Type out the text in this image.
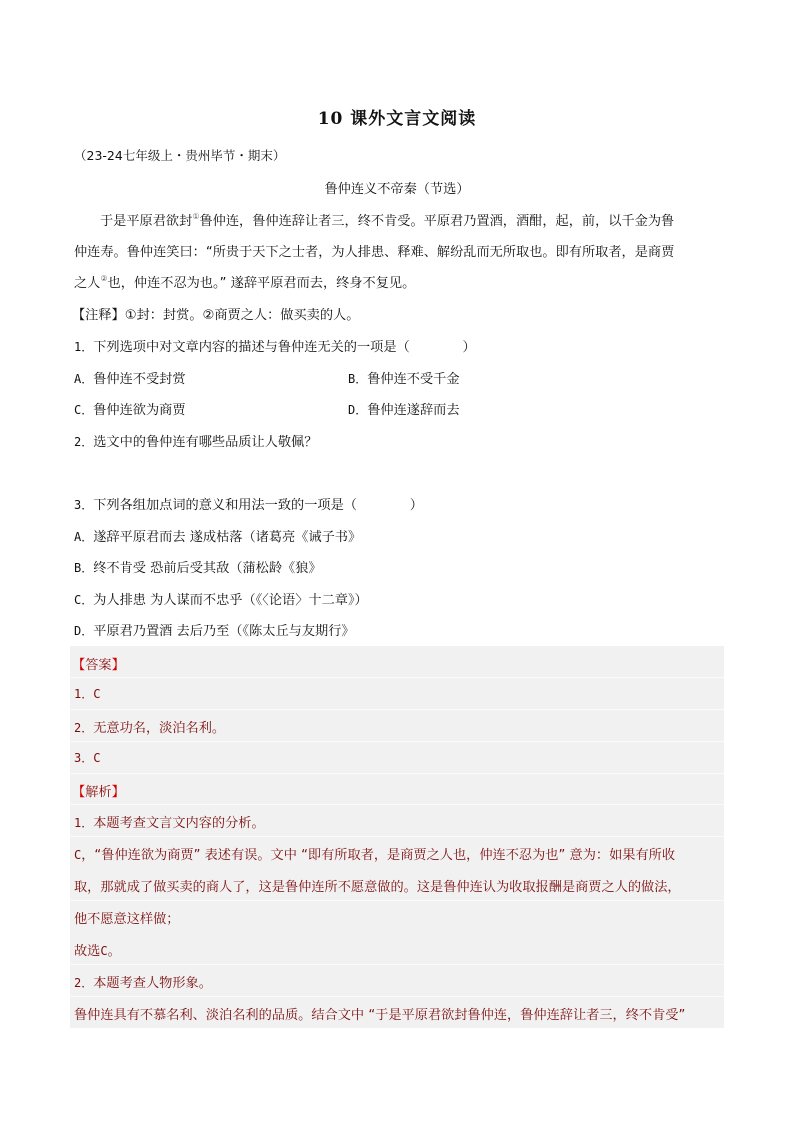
10 课外文言文阅读
（23-24七年级上・贵州毕节・期末）
鲁仲连义不帝秦（节选）
于是平原君欲封①鲁仲连，鲁仲连辞让者三，终不肯受。平原君乃置酒，酒酣，起，前，以千金为鲁
仲连寿。鲁仲连笑曰：“所贵于天下之士者，为人排患、释难、解纷乱而无所取也。即有所取者，是商贾
之人②也，仲连不忍为也。” 遂辞平原君而去，终身不复见。
【注释】①封：封赏。②商贾之人：做买卖的人。
1．下列选项中对文章内容的描述与鲁仲连无关的一项是（　　　　）
A．鲁仲连不受封赏	B．鲁仲连不受千金
C．鲁仲连欲为商贾	D．鲁仲连遂辞而去
2．选文中的鲁仲连有哪些品质让人敬佩？
3．下列各组加点词的意义和用法一致的一项是（　　　　）
A．遂辞平原君而去 遂成枯落（诸葛亮《诫子书》
B．终不肯受 恐前后受其敌（蒲松龄《狼》
C．为人排患 为人谋而不忠乎（《〈论语〉十二章》）
D．平原君乃置酒 去后乃至（《陈太丘与友期行》
【答案】
1．C
2．无意功名，淡泊名利。
3．C
【解析】
1．本题考查文言文内容的分析。
C，“鲁仲连欲为商贾” 表述有误。文中 “即有所取者，是商贾之人也，仲连不忍为也” 意为：如果有所收
取，那就成了做买卖的商人了，这是鲁仲连所不愿意做的。这是鲁仲连认为收取报酬是商贾之人的做法，
他不愿意这样做；
故选C。
2．本题考查人物形象。
鲁仲连具有不慕名利、淡泊名利的品质。结合文中 “于是平原君欲封鲁仲连，鲁仲连辞让者三，终不肯受”
